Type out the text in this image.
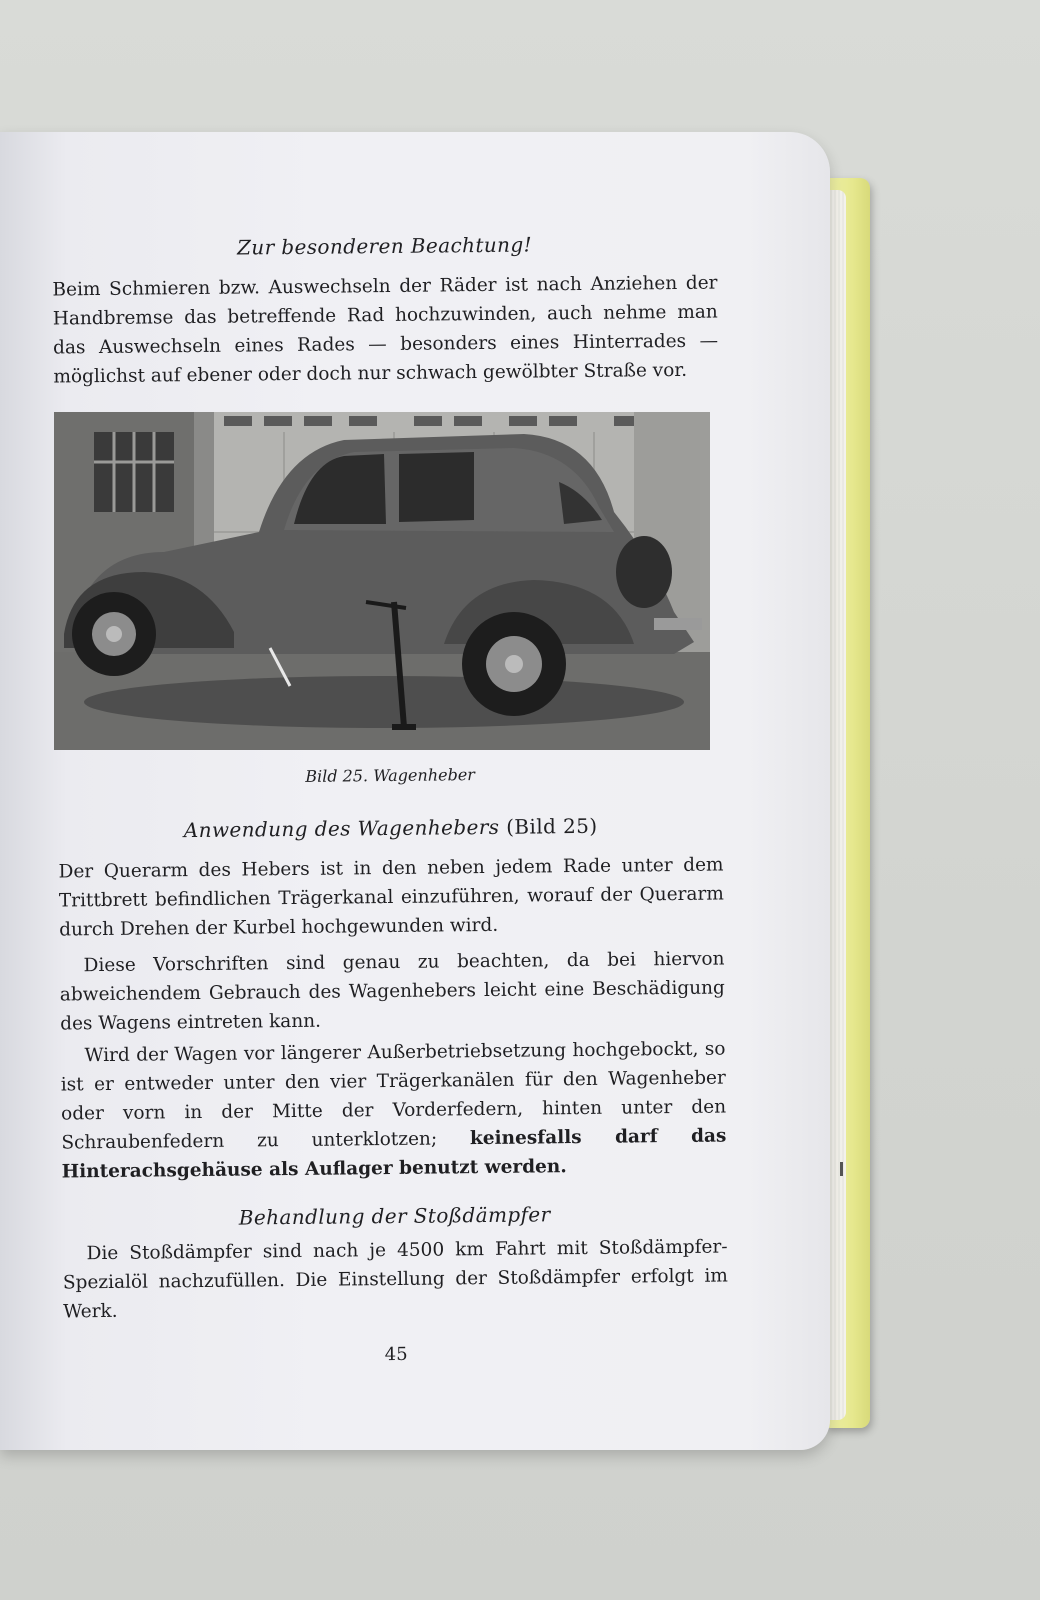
Zur besonderen Beachtung!

Beim Schmieren bzw. Auswechseln der Räder ist nach Anziehen der Handbremse das betreffende Rad hochzuwinden, auch nehme man das Auswechseln eines Rades — besonders eines Hinterrades — möglichst auf ebener oder doch nur schwach gewölbter Straße vor.

Bild 25. Wagenheber
Anwendung des Wagenhebers (Bild 25)

Der Querarm des Hebers ist in den neben jedem Rade unter dem Trittbrett befindlichen Trägerkanal einzuführen, worauf der Querarm durch Drehen der Kurbel hochgewunden wird.

Diese Vorschriften sind genau zu beachten, da bei hiervon abweichendem Gebrauch des Wagenhebers leicht eine Beschädigung des Wagens eintreten kann.

Wird der Wagen vor längerer Außerbetriebsetzung hochgebockt, so ist er entweder unter den vier Trägerkanälen für den Wagenheber oder vorn in der Mitte der Vorderfedern, hinten unter den Schraubenfedern zu unterklotzen; keinesfalls darf das Hinterachsgehäuse als Auflager benutzt werden.

Behandlung der Stoßdämpfer

Die Stoßdämpfer sind nach je 4500 km Fahrt mit Stoßdämpfer-Spezialöl nachzufüllen. Die Einstellung der Stoßdämpfer erfolgt im Werk.

45
